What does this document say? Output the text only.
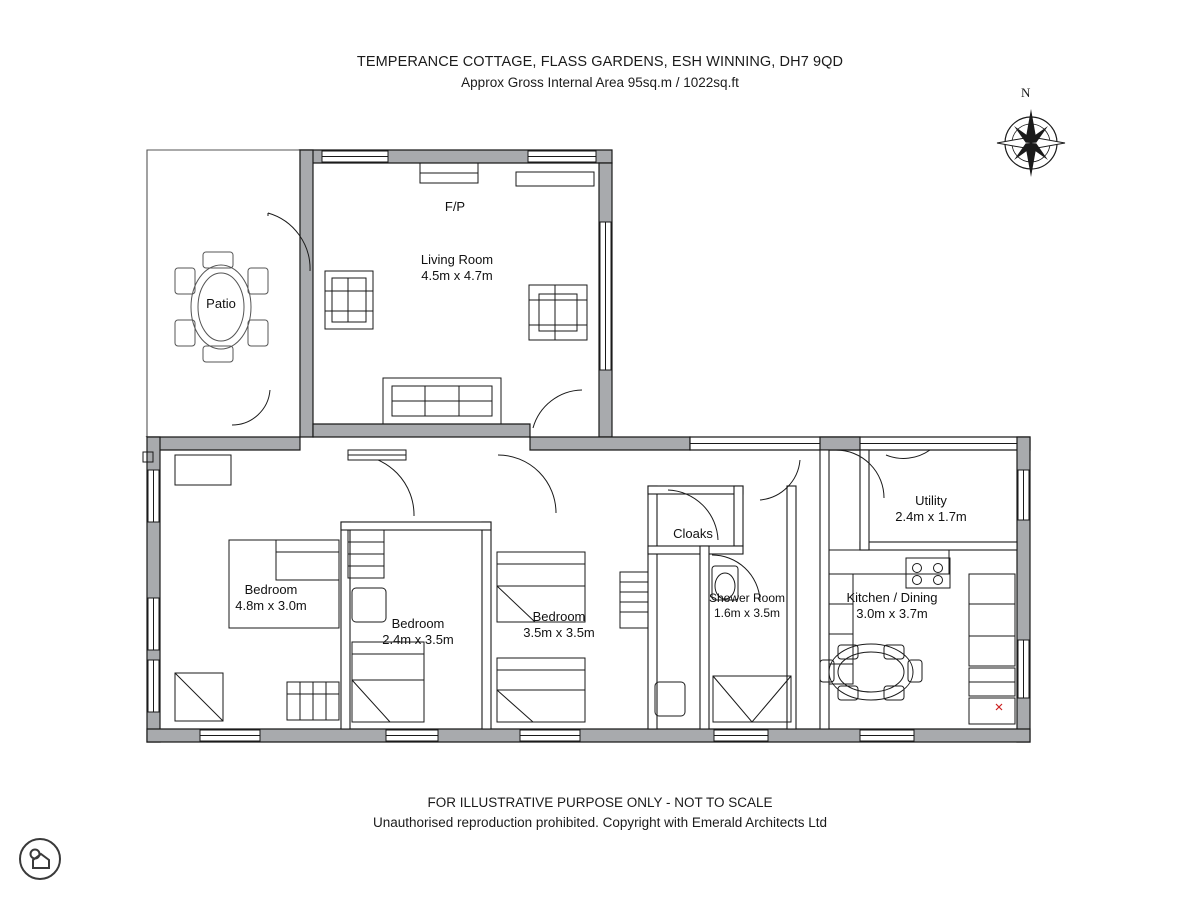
TEMPERANCE COTTAGE, FLASS GARDENS, ESH WINNING, DH7 9QD
Approx Gross Internal Area 95sq.m / 1022sq.ft
Patio
Living Room
4.5m x 4.7m
Bedroom
4.8m x 3.0m
Bedroom
2.4m x 3.5m
Bedroom
3.5m x 3.5m
Cloaks
Shower Room
1.6m x 3.5m
Utility
2.4m x 1.7m
Kitchen / Dining
3.0m x 3.7m
F/P
N
FOR ILLUSTRATIVE PURPOSE ONLY - NOT TO SCALE
Unauthorised reproduction prohibited. Copyright with Emerald Architects Ltd
